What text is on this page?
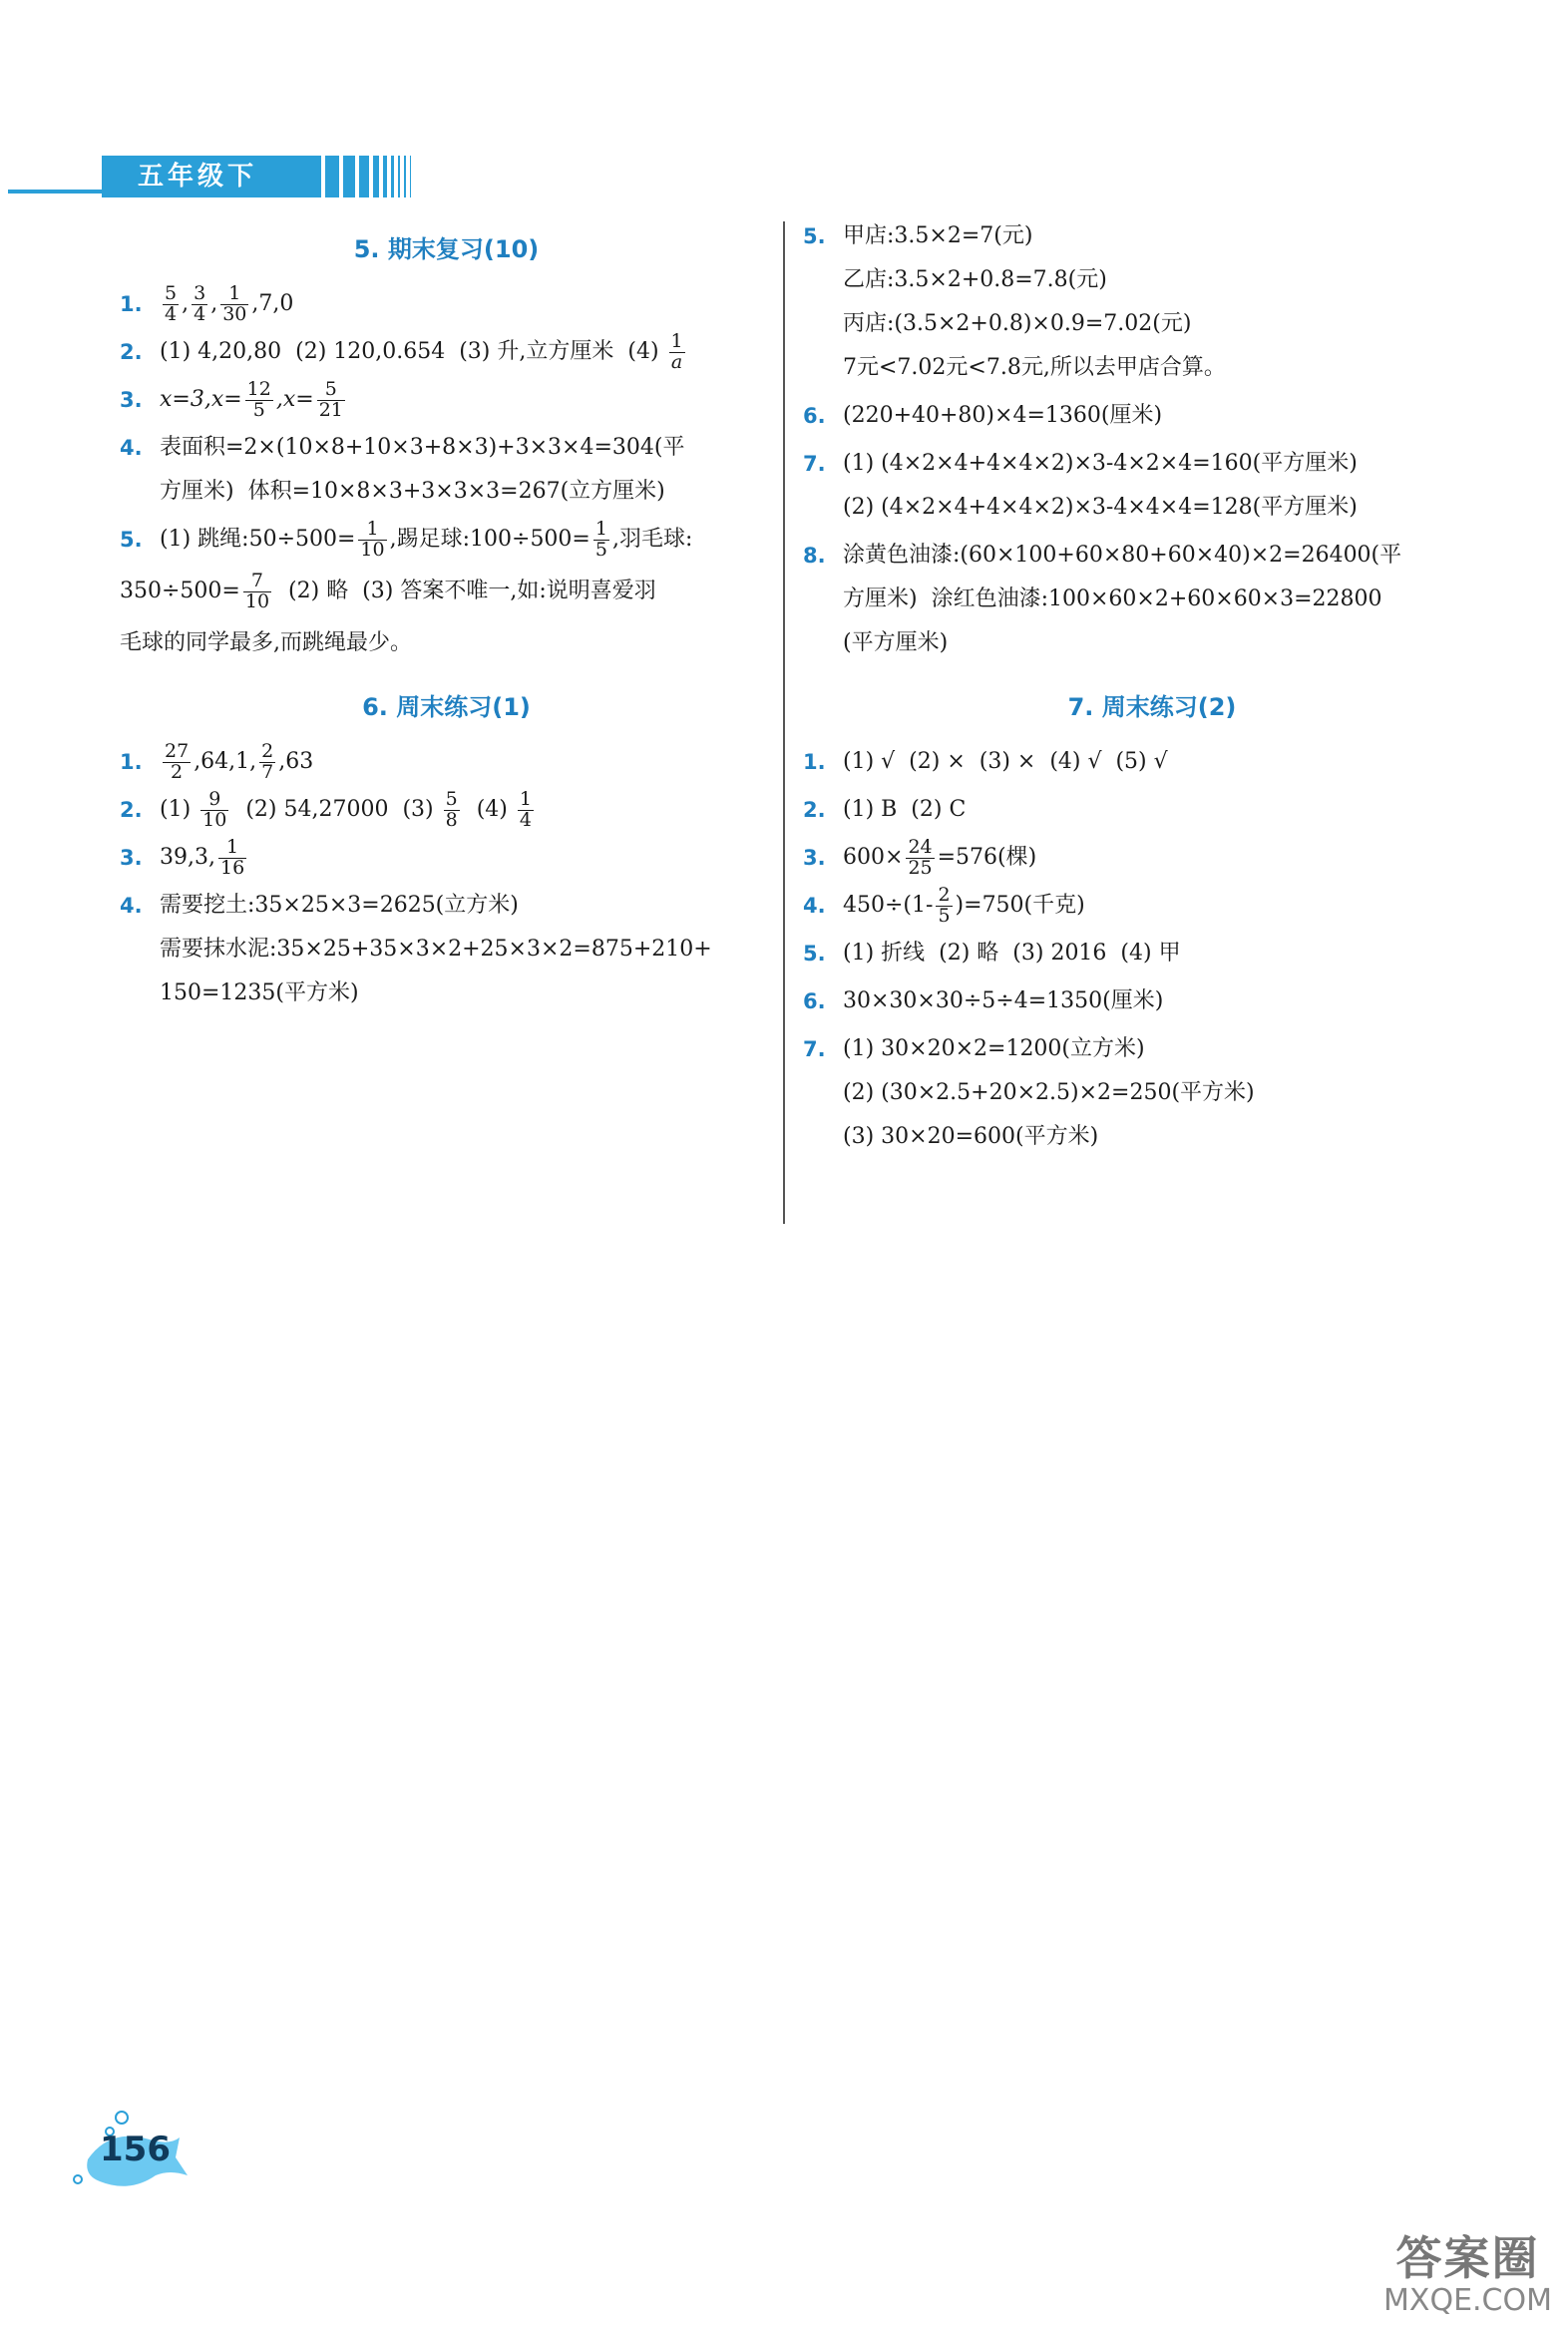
五年级下
5. 期末复习(10)
1. $\frac{5}{4}$ , $\frac{3}{4}$ , $\frac{1}{30} ,7,0$
2. (1) 4,20,80  (2) 120,0.654  (3) 升,立方厘米  $(4) \frac{1}{a}$
3. $x=3,x= \frac{12}{5} ,x= \frac{5}{21}$
4. 表面积=2×(10×8+10×3+8×3)+3×3×4=304(平
方厘米)  体积=10×8×3+3×3×3=267(立方厘米)
5. (1) 跳绳:50÷500= $\frac{1}{10}$ ,踢足球:100÷500= $\frac{1}{5}$ ,羽毛球:
$350\div 500= \frac{7}{10} (2)$ 略  (3) 答案不唯一,如:说明喜爱羽
毛球的同学最多,而跳绳最少。
6. 周末练习(1)
1. $\frac{27}{2} ,64,1$, $\frac{2}{7} ,63$
2. $(1) \frac{9}{10} (2)$ 54,27000  $(3) \frac{5}{8} (4) \frac{1}{4}$
3. 39,3, $\frac{1}{16}$
4. 需要挖土:35×25×3=2625(立方米)
需要抹水泥:35×25+35×3×2+25×3×2=875+210+
150=1235(平方米)
5. 甲店:3.5×2=7(元)
乙店:3.5×2+0.8=7.8(元)
丙店:(3.5×2+0.8)×0.9=7.02(元)
7元<7.02元<7.8元,所以去甲店合算。
6. (220+40+80)×4=1360(厘米)
7. (1) (4×2×4+4×4×2)×3-4×2×4=160(平方厘米)
(2) (4×2×4+4×4×2)×3-4×4×4=128(平方厘米)
8. 涂黄色油漆:(60×100+60×80+60×40)×2=26400(平
方厘米)  涂红色油漆:100×60×2+60×60×3=22800
(平方厘米)
7. 周末练习(2)
1. (1) √  (2) ×  (3) ×  (4) √  (5) √
2. (1) B  (2) C
3. $600\times \frac{24}{25} =576$(棵)
4. $450\div(1- \frac{2}{5} )=750$(千克)
5. (1) 折线  (2) 略  (3) 2016  (4) 甲
6. 30×30×30÷5÷4=1350(厘米)
7. (1) 30×20×2=1200(立方米)
(2) (30×2.5+20×2.5)×2=250(平方米)
(3) 30×20=600(平方米)
156
答案圈
MXQE.COM
